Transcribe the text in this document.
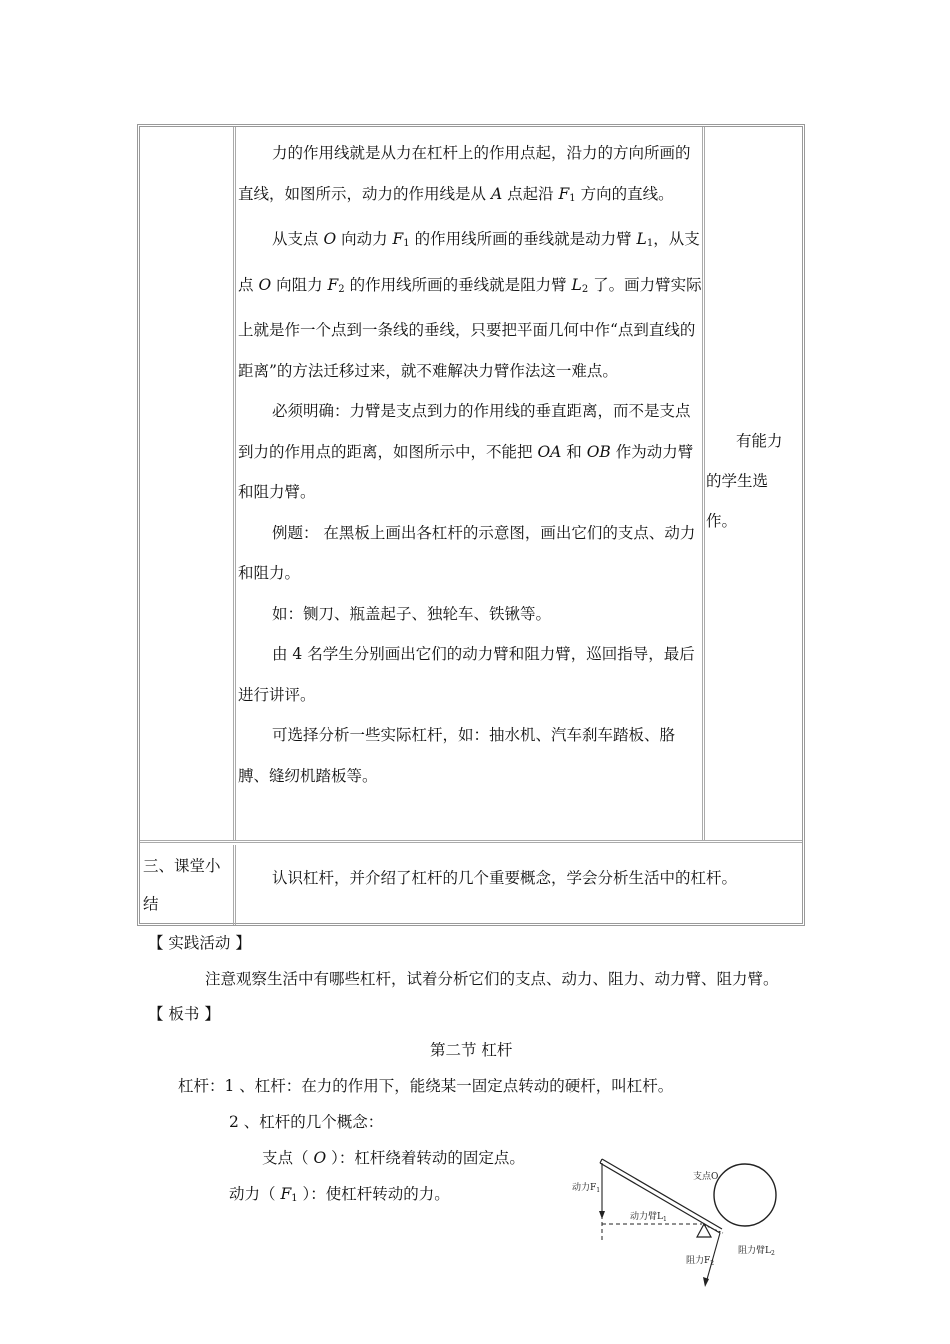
力的作用线就是从力在杠杆上的作用点起，沿力的方向所画的直线，如图所示，动力的作用线是从 A 点起沿 $F_1$ 方向的直线。

从支点 O 向动力 $F_1$ 的作用线所画的垂线就是动力臂 $L_1$，从支点 O 向阻力 $F_2$ 的作用线所画的垂线就是阻力臂 $L_2$ 了。画力臂实际上就是作一个点到一条线的垂线，只要把平面几何中作“点到直线的距离”的方法迁移过来，就不难解决力臂作法这一难点。

必须明确：力臂是支点到力的作用线的垂直距离，而不是支点到力的作用点的距离，如图所示中，不能把 OA 和 OB 作为动力臂和阻力臂。

例题： 在黑板上画出各杠杆的示意图，画出它们的支点、动力和阻力。

如：铡刀、瓶盖起子、独轮车、铁锹等。

由 4 名学生分别画出它们的动力臂和阻力臂，巡回指导，最后进行讲评。

可选择分析一些实际杠杆，如：抽水机、汽车刹车踏板、胳膊、缝纫机踏板等。

有能力

的学生选

作。

三、课堂小

结

认识杠杆，并介绍了杠杆的几个重要概念，学会分析生活中的杠杆。
【 实践活动 】
注意观察生活中有哪些杠杆，试着分析它们的支点、动力、阻力、动力臂、阻力臂。
【 板书 】
第二节 杠杆
杠杆：1 、杠杆：在力的作用下，能绕某一固定点转动的硬杆，叫杠杆。
2 、杠杆的几个概念：
支点（ O ）：杠杆绕着转动的固定点。
动力（ $F_1$ ）：使杠杆转动的力。
支点O
动力$F_1$
动力臂$L_1$
阻力臂$L_2$
阻力$F_2$
